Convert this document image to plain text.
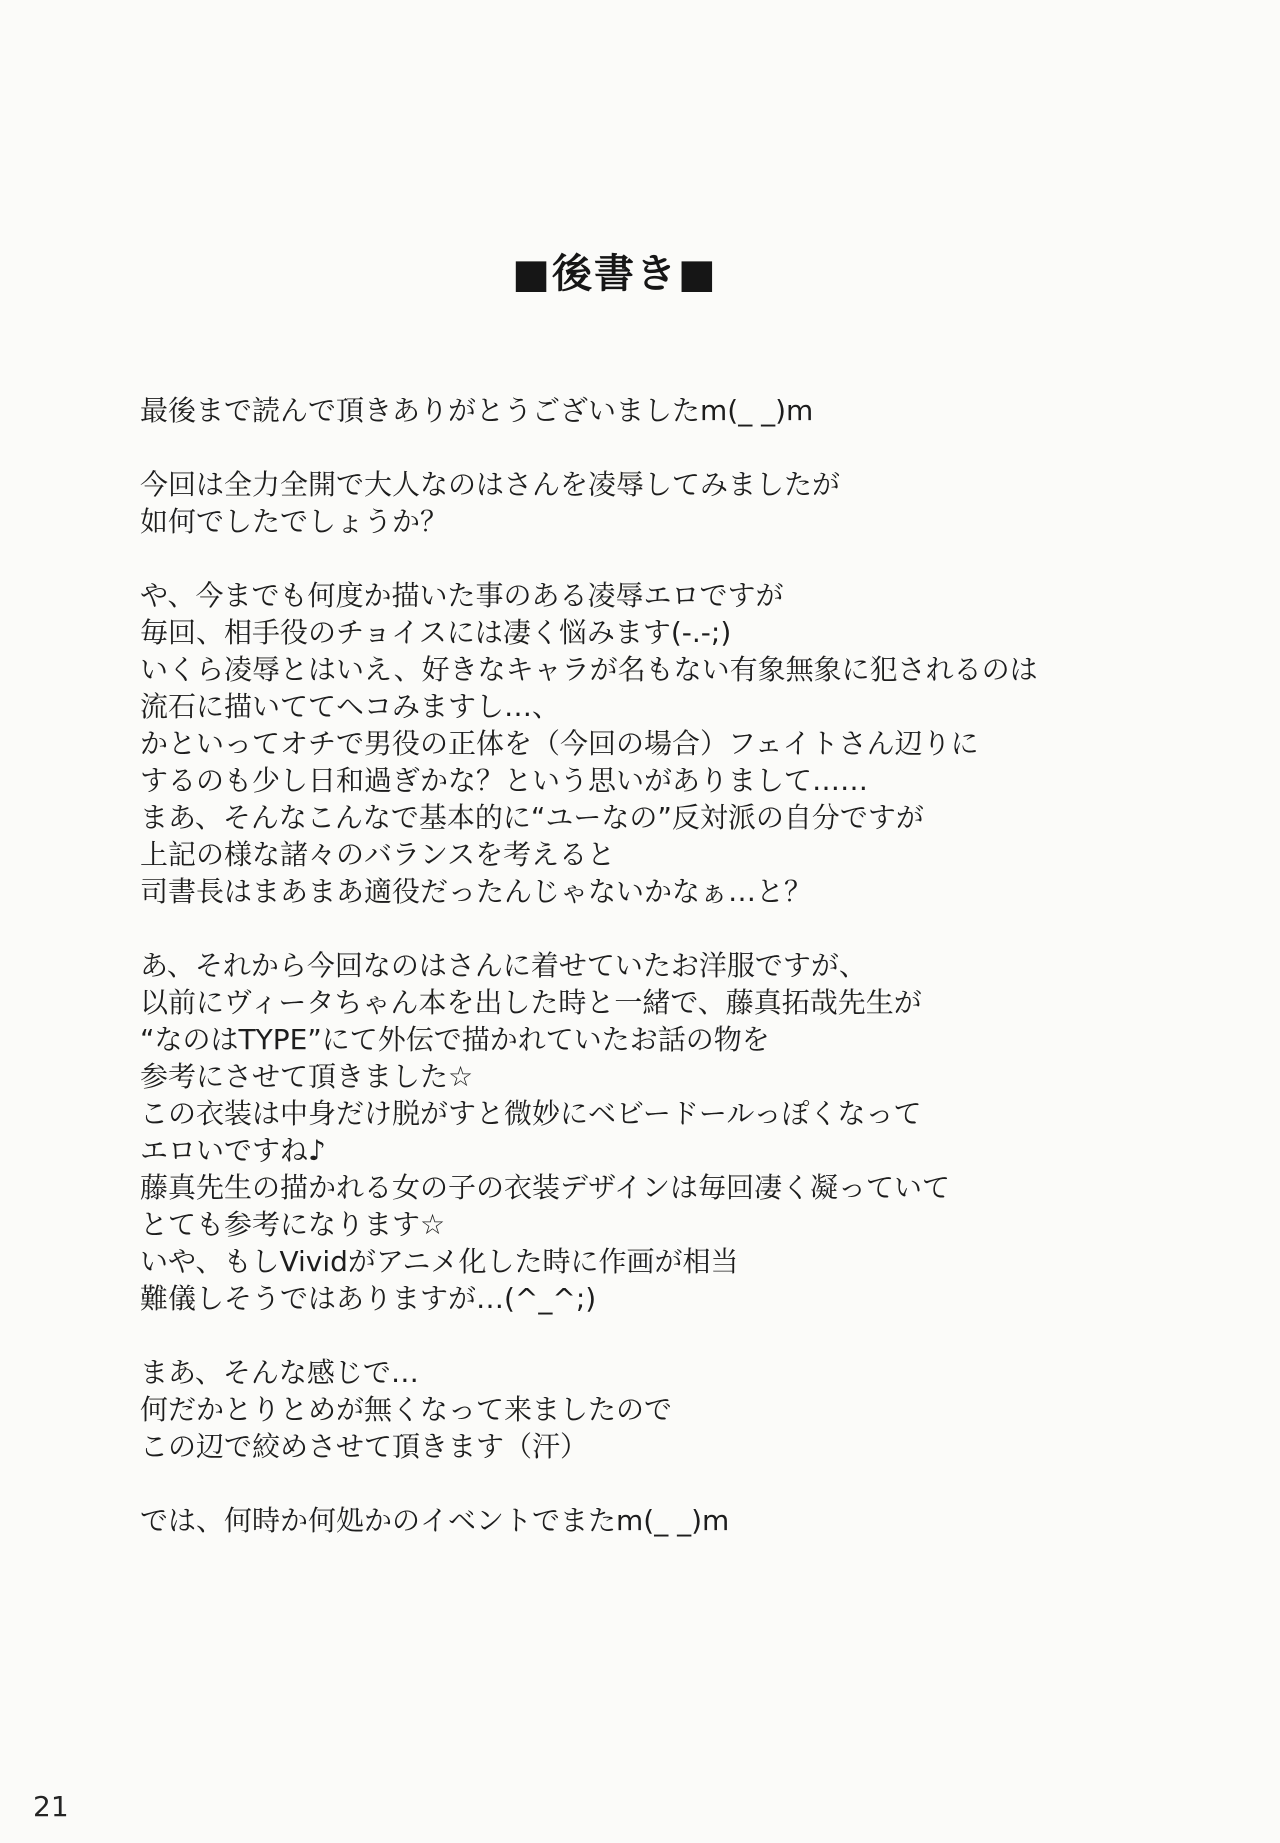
■後書き■

最後まで読んで頂きありがとうございましたm(_ _)m

今回は全力全開で大人なのはさんを凌辱してみましたが
如何でしたでしょうか？

や、今までも何度か描いた事のある凌辱エロですが
毎回、相手役のチョイスには凄く悩みます(-.-;)
いくら凌辱とはいえ、好きなキャラが名もない有象無象に犯されるのは
流石に描いててヘコみますし…、
かといってオチで男役の正体を（今回の場合）フェイトさん辺りに
するのも少し日和過ぎかな？という思いがありまして……
まあ、そんなこんなで基本的に“ユーなの”反対派の自分ですが
上記の様な諸々のバランスを考えると
司書長はまあまあ適役だったんじゃないかなぁ…と？

あ、それから今回なのはさんに着せていたお洋服ですが、
以前にヴィータちゃん本を出した時と一緒で、藤真拓哉先生が
“なのはTYPE”にて外伝で描かれていたお話の物を
参考にさせて頂きました☆
この衣装は中身だけ脱がすと微妙にベビードールっぽくなって
エロいですね♪
藤真先生の描かれる女の子の衣装デザインは毎回凄く凝っていて
とても参考になります☆
いや、もしVividがアニメ化した時に作画が相当
難儀しそうではありますが…(^_^;)

まあ、そんな感じで…
何だかとりとめが無くなって来ましたので
この辺で絞めさせて頂きます（汗）

では、何時か何処かのイベントでまたm(_ _)m

21
